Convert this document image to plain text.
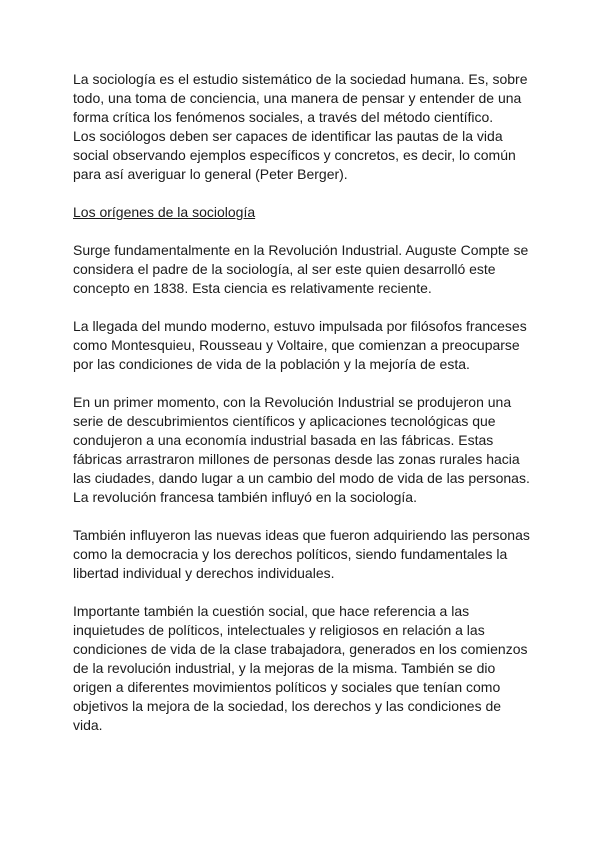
La sociología es el estudio sistemático de la sociedad humana. Es, sobre todo, una toma de conciencia, una manera de pensar y entender de una forma crítica los fenómenos sociales, a través del método científico.

Los sociólogos deben ser capaces de identificar las pautas de la vida social observando ejemplos específicos y concretos, es decir, lo común para así averiguar lo general (Peter Berger).

Los orígenes de la sociología

Surge fundamentalmente en la Revolución Industrial. Auguste Compte se considera el padre de la sociología, al ser este quien desarrolló este concepto en 1838. Esta ciencia es relativamente reciente.

La llegada del mundo moderno, estuvo impulsada por filósofos franceses como Montesquieu, Rousseau y Voltaire, que comienzan a preocuparse por las condiciones de vida de la población y la mejoría de esta.

En un primer momento, con la Revolución Industrial se produjeron una serie de descubrimientos científicos y aplicaciones tecnológicas que condujeron a una economía industrial basada en las fábricas. Estas fábricas arrastraron millones de personas desde las zonas rurales hacia las ciudades, dando lugar a un cambio del modo de vida de las personas. La revolución francesa también influyó en la sociología.

También influyeron las nuevas ideas que fueron adquiriendo las personas como la democracia y los derechos políticos, siendo fundamentales la libertad individual y derechos individuales.

Importante también la cuestión social, que hace referencia a las inquietudes de políticos, intelectuales y religiosos en relación a las condiciones de vida de la clase trabajadora, generados en los comienzos de la revolución industrial, y la mejoras de la misma. También se dio origen a diferentes movimientos políticos y sociales que tenían como objetivos la mejora de la sociedad, los derechos y las condiciones de vida.
